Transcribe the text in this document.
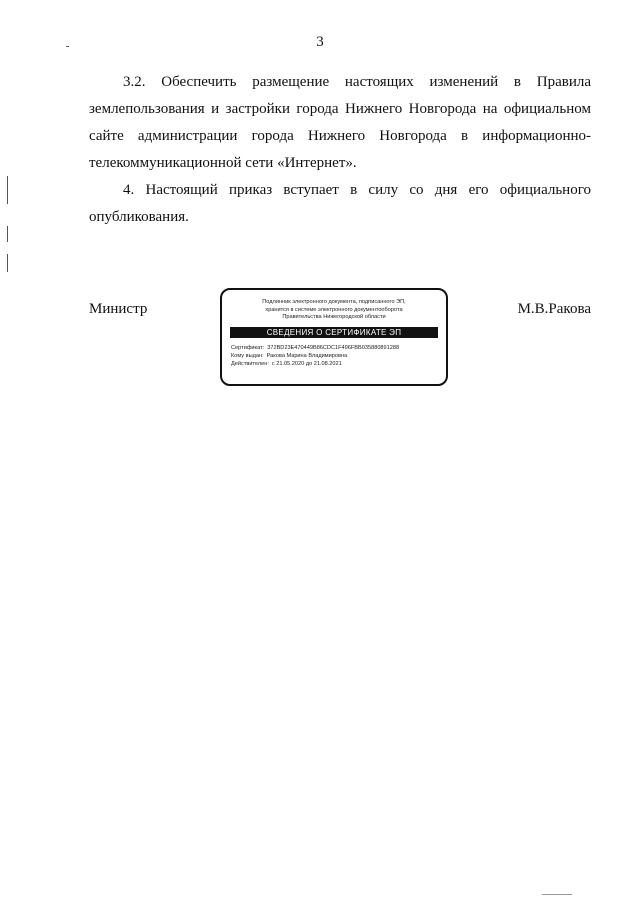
3

3.2. Обеспечить размещение настоящих изменений в Правила землепользования и застройки города Нижнего Новгорода на официальном сайте администрации города Нижнего Новгорода в информационно-телекоммуникационной сети «Интернет».

4. Настоящий приказ вступает в силу со дня его официального опубликования.

Министр	Подлинник электронного документа, подписанного ЭП,
хранится в системе электронного документооборота
Правительства Нижегородской области
СВЕДЕНИЯ О СЕРТИФИКАТЕ ЭП
Сертификат: 372BD23E470449B86CDC1F496FBB035880891288
Кому выдан: Ракова Марина Владимировна
Действителен: с 21.05.2020 до 21.08.2021
М.В.Ракова
